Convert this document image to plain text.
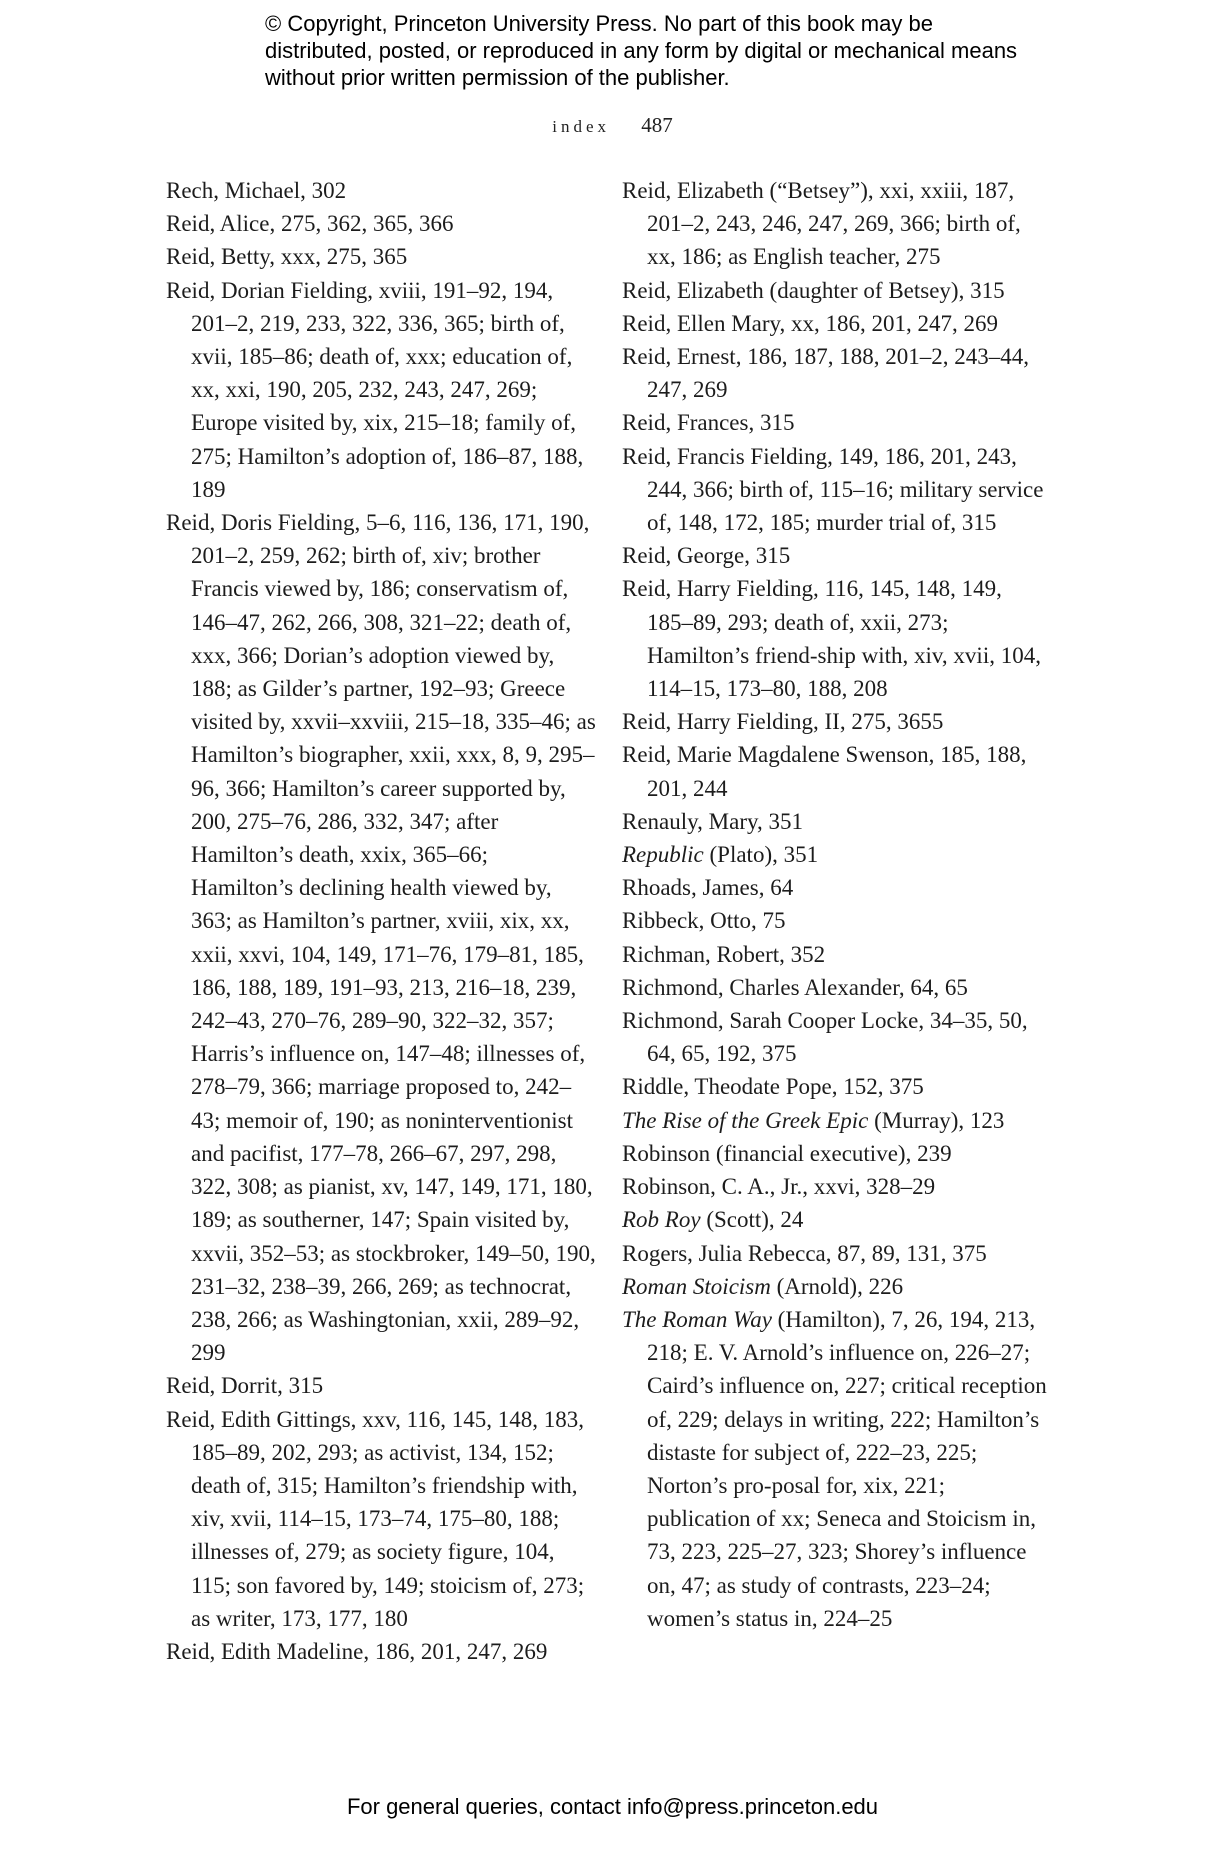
© Copyright, Princeton University Press. No part of this book may be distributed, posted, or reproduced in any form by digital or mechanical means without prior written permission of the publisher.
index 487

Rech, Michael, 302

Reid, Alice, 275, 362, 365, 366

Reid, Betty, xxx, 275, 365

Reid, Dorian Fielding, xviii, 191–92, 194, 201–2, 219, 233, 322, 336, 365; birth of, xvii, 185–86; death of, xxx; education of, xx, xxi, 190, 205, 232, 243, 247, 269; Europe visited by, xix, 215–18; family of, 275; Hamilton’s adoption of, 186–87, 188, 189

Reid, Doris Fielding, 5–6, 116, 136, 171, 190, 201–2, 259, 262; birth of, xiv; brother Francis viewed by, 186; conservatism of, 146–47, 262, 266, 308, 321–22; death of, xxx, 366; Dorian’s adoption viewed by, 188; as Gilder’s partner, 192–93; Greece visited by, xxvii–xxviii, 215–18, 335–46; as Hamilton’s biographer, xxii, xxx, 8, 9, 295–96, 366; Hamilton’s career supported by, 200, 275–76, 286, 332, 347; after Hamilton’s death, xxix, 365–66; Hamilton’s declining health viewed by, 363; as Hamilton’s partner, xviii, xix, xx, xxii, xxvi, 104, 149, 171–76, 179–81, 185, 186, 188, 189, 191–93, 213, 216–18, 239, 242–43, 270–76, 289–90, 322–32, 357; Harris’s influence on, 147–48; illnesses of, 278–79, 366; marriage proposed to, 242–43; memoir of, 190; as noninterventionist and pacifist, 177–78, 266–67, 297, 298, 322, 308; as pianist, xv, 147, 149, 171, 180, 189; as southerner, 147; Spain visited by, xxvii, 352–53; as stockbroker, 149–50, 190, 231–32, 238–39, 266, 269; as technocrat, 238, 266; as Washingtonian, xxii, 289–92, 299

Reid, Dorrit, 315

Reid, Edith Gittings, xxv, 116, 145, 148, 183, 185–89, 202, 293; as activist, 134, 152; death of, 315; Hamilton’s friendship with, xiv, xvii, 114–15, 173–74, 175–80, 188; illnesses of, 279; as society figure, 104, 115; son favored by, 149; stoicism of, 273; as writer, 173, 177, 180

Reid, Edith Madeline, 186, 201, 247, 269

Reid, Elizabeth (“Betsey”), xxi, xxiii, 187, 201–2, 243, 246, 247, 269, 366; birth of, xx, 186; as English teacher, 275

Reid, Elizabeth (daughter of Betsey), 315

Reid, Ellen Mary, xx, 186, 201, 247, 269

Reid, Ernest, 186, 187, 188, 201–2, 243–44, 247, 269

Reid, Frances, 315

Reid, Francis Fielding, 149, 186, 201, 243, 244, 366; birth of, 115–16; military service of, 148, 172, 185; murder trial of, 315

Reid, George, 315

Reid, Harry Fielding, 116, 145, 148, 149, 185–89, 293; death of, xxii, 273; Hamilton’s friend-ship with, xiv, xvii, 104, 114–15, 173–80, 188, 208

Reid, Harry Fielding, II, 275, 3655

Reid, Marie Magdalene Swenson, 185, 188, 201, 244

Renauly, Mary, 351

Republic (Plato), 351

Rhoads, James, 64

Ribbeck, Otto, 75

Richman, Robert, 352

Richmond, Charles Alexander, 64, 65

Richmond, Sarah Cooper Locke, 34–35, 50, 64, 65, 192, 375

Riddle, Theodate Pope, 152, 375

The Rise of the Greek Epic (Murray), 123

Robinson (financial executive), 239

Robinson, C. A., Jr., xxvi, 328–29

Rob Roy (Scott), 24

Rogers, Julia Rebecca, 87, 89, 131, 375

Roman Stoicism (Arnold), 226

The Roman Way (Hamilton), 7, 26, 194, 213, 218; E. V. Arnold’s influence on, 226–27; Caird’s influence on, 227; critical reception of, 229; delays in writing, 222; Hamilton’s distaste for subject of, 222–23, 225; Norton’s pro-posal for, xix, 221; publication of xx; Seneca and Stoicism in, 73, 223, 225–27, 323; Shorey’s influence on, 47; as study of contrasts, 223–24; women’s status in, 224–25

For general queries, contact info@press.princeton.edu
